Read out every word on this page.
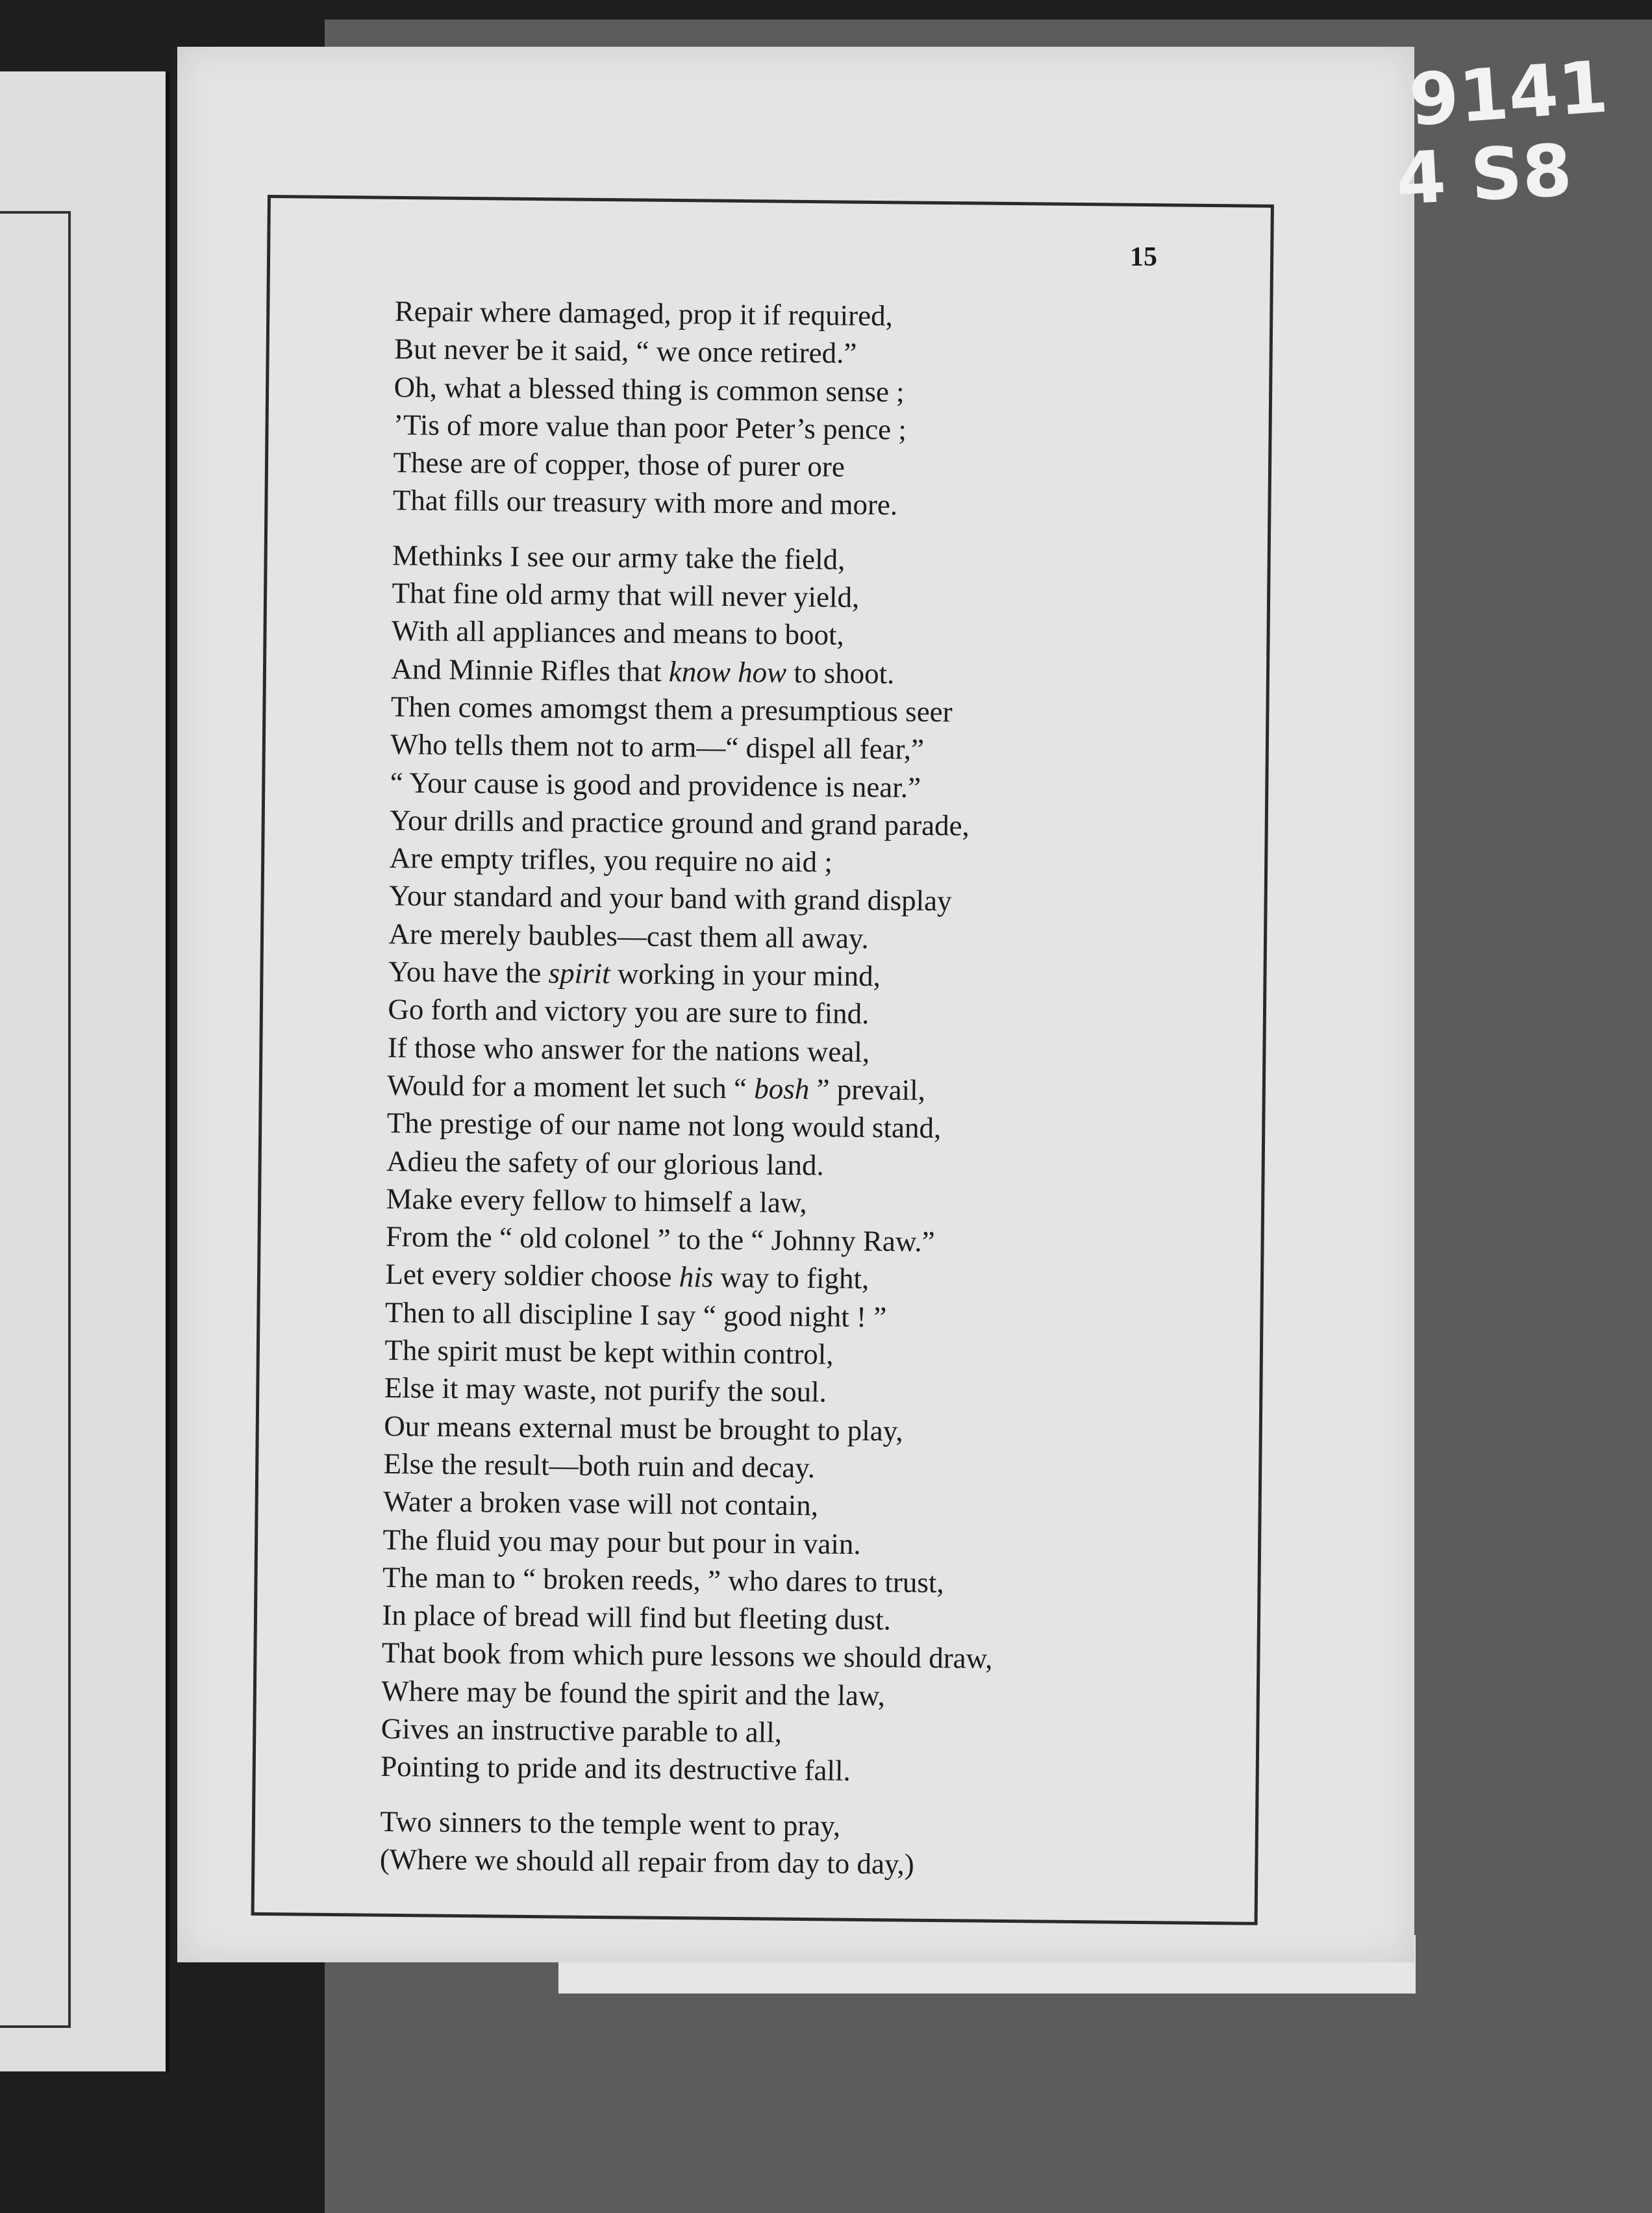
15
Repair where damaged, prop it if required,
But never be it said, “ we once retired.”
Oh, what a blessed thing is common sense ;
’Tis of more value than poor Peter’s pence ;
These are of copper, those of purer ore
That fills our treasury with more and more.
Methinks I see our army take the field,
That fine old army that will never yield,
With all appliances and means to boot,
And Minnie Rifles that know how to shoot.
Then comes amomgst them a presumptious seer
Who tells them not to arm—“ dispel all fear,”
“ Your cause is good and providence is near.”
Your drills and practice ground and grand parade,
Are empty trifles, you require no aid ;
Your standard and your band with grand display
Are merely baubles—cast them all away.
You have the spirit working in your mind,
Go forth and victory you are sure to find.
If those who answer for the nations weal,
Would for a moment let such “ bosh ” prevail,
The prestige of our name not long would stand,
Adieu the safety of our glorious land.
Make every fellow to himself a law,
From the “ old colonel ” to the “ Johnny Raw.”
Let every soldier choose his way to fight,
Then to all discipline I say “ good night ! ”
The spirit must be kept within control,
Else it may waste, not purify the soul.
Our means external must be brought to play,
Else the result—both ruin and decay.
Water a broken vase will not contain,
The fluid you may pour but pour in vain.
The man to “ broken reeds, ” who dares to trust,
In place of bread will find but fleeting dust.
That book from which pure lessons we should draw,
Where may be found the spirit and the law,
Gives an instructive parable to all,
Pointing to pride and its destructive fall.
Two sinners to the temple went to pray,
(Where we should all repair from day to day,)
9141
4 S8
